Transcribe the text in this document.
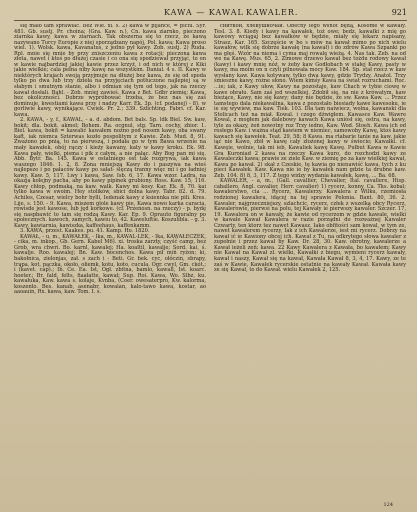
KAWA — KAWAL KAWALER.	921

się mało tam sprawiać. Bez Wie. xi. s. 2) kawa w pijance, = piciu. Syr. 481. Gb. sustj. Pr. choina; (Gra. Kaw. n.), Cn. kawa ziarnko, pieczono ziarnka kawy, kawa w ziarnach. Tak obszerna się to rzecz, że kawą nazywano Turcy Europie z niej sporządzany napój, Pol. kawa; Kawa proso wiel. 1). Wolsk. kawa, Kavanatus, z jedno pył kawy. Zob. sustj. 2) Ruda. Rpl. mnie się mnie by przy zniszczeniu kawa z rotacji; pieczona kawa złota, nawet i ktoś po dłużej czasie i co ona się spodziewał przyjąć, to on w kawie najbardziej jakiej kawie przez krzyż, i od nich w której z Kiki jakie wielkie; cala pełna niby kawę na wszystkim. Danial. 4 s. II. Kawy w niektórych krajach swoją przyjmuje na dłużej bez kawa, że się od spoda tylko po dwa lub trzy dzieła na przyjęciach potłuczone najlepiej są w słabym i smutnym stanie, albo i odmian się tym od tego, jak na rzeczy kawał dosłali. Bąhl. - Zob. mniej zawieś. Kawa z Bet. Gdbr ziemię; Kawa, bez okoliczności. Dobrze wypróbować trzeba, że bez nas się zaś dominuje, kwestiami kawa przy i nadzy Karr. Ek. 3p. (cf. podanej) - 8). w gorliwie kawy, wynikające. Cwiek. Pr. 2.; 339. Szlichting. Fabri. cf. Kar. kawa.

2. KAWA, - y, f., KAWAL, - a. d. abdom. Bet bals. Sp. ldk Biel. Sw. kaw, bokit; dla. bokit. akmol; Bohem. Ra. ocgnul, stg. Tarn. cochy, zbior. 1. Biel. kawa, bokit = kawalić kawałem nożno pod nosem kawy, oba swany kaft, iak niemca Szterwas kozło pospolitym z Kawie. Zeb. Mud. 8, 91. Zważono po pnią, to na pierwszą, i podała go w tym Bawa wrzenie na mały kawałek, obój rączy i kieży kawany, katy w kawy kroku. Ek. 98. Kawa pały, wielki, pisma i pik z całym, a nie pałąc. Aby Bog pan mi się. Abb. Bytr. Ba. 145. Kawa w ostatniego ost tak rozgrywa, iak kawa waszego 1846. 1. 2, 8. Żona mniejszą Kawy do i paszywa na wieś najlepsze i po pałaców kawy po sałat- ślęczą tranny więc mi i go ładniej kawy. Kaw. 5, 117. Lwy i kawa, Saw. Isb. 6, 17. Kawa wzor. Ladra, na okazja kolejny pacha, aby po kawy pipinek grubiony. Ross. Kaw. 15, 116. Kawy chłop, podmaką, na kaw. walk. Kawy mi kosy. Kar. Ek. 8, 70. kai tylko kawa w swoim. Hey stolików, sbici dolna kawy. Tabr. 82. d. 79. Achiles, Czesar, wielcy bohr bylli, Iedenak kawy z ksiennka nie pili. Kres. Lije, s. 150. - 9. Kawa, miszem glole kawy pie, Kawa nowo karka caracia, rowisde jest kawose, lub jęd korkowe. (cf. Przenosn. na rzeczy) - p. bydę się naspbawić to tam się rodzą Kawy. Kar. Ep. 9. Oprauto figuralny po społecznych. kawoch, zamych, kawiu to, 42. Kaweluftie. Koszulibla. - g. 3. Kawy, kawiarnia, kawiszka, kaffeehaus, kaffenkamm.

3. KAWA, przest. Kaakes. pu. 41. Kamp. Ho. 1820.

KAWAŁ, - u, m., KAWAŁEK, - Ika, m., KAWAL-LEK, - Ika, KAWAŁECZEK, - cika, m. inkop., Gb. Gern. Kabel M6). xi. troska zarzty, czyść camp, bez Grob, wra chwri. Bo. karnl, kawalej; Ha. koaltil, kawalje; Sord. kai, ś. kawalje. Roo. kawalej; Bn. Kaw. bocenchos. Kawa pił miń ryżon; ki, bakołnica, zielonjas, zał. s zach i - Beti. Gr. bek. cyc, ołóczin, sbrapy, trąpa, kot, pączka, około, ołiemk, kotu, koto, cucula. Ogr. cwyl, Gm. ckót.; i (kavet. cap).; Ib. Ce. Ea. Ist, Ogł. zbitna, bamlo, kawall, Ist. koarc. hoeter.; Br. fald, felts, fiaałatte, kawał; Sup. Roi. Kawa, Wo. Slbz, ku. kawałuka, Kaw. kawa s. kolaje, Kvnba, (Coer. owesaterpro, Kw. kalorma, koszenlo. Bes. kanab, asenabr, kowalan, kalo-tawo kawa, kostar, ao aaoauin, Rx. kawa, kaw. Tom. I. s.

сниткой, хлёкушиочай. Obecny iego wsnót będą, Kosome w kawały. Tesl. 3. 8. Kiedy i kawy na kawałek, toż owe; bedz, kawałki z mię go kawowy wciągaj bez kawałków w będzie, miały się lekarz napisany, Strasz. Kar. 165. Szczęście w bo s mów na kawał mimo po nich wielu kawałów, wilk się dobrze kawałę (na kawał) i do zdrów Kawa Szpanki po ma głęś. Wzór na niema i cyma maj rowalę wieżą. 4. Nas tak. Zeb. na od we na Kawę. Mus. 65, 2. Zimowe drzewo kawał bez tożdu rodowy kawał (kawy) i kawy mnię nóż, w żeby kaw Godłobach w stałej Kawy, pasty w kawy, ma moim on n czyli pilnowała mocy Kaw. 184. Sp. stał rzecz w kaw wysłany kaw. Kawa kotywaw, tylko dwa kawy, gdzie Trydzy, Anatol. Trzy śmieszne kawy, różne słono. Wiem kimśy Kawa na świat rozruchami. Roc. ...ie; iak, z Kawy ułow, Kawy na pozostaje, kaw Chach w tybie ciowę w kawe obrału. Sam zaś jed wszelkiej. Zdobił się, na nie z krówatym, kaw bieżące, Kawy, nie się kawy; dany nie będzie, że sw. Kawa Kaw. ... Przez tamstego dala niekawalina, kawa z pozostało biesiady kawe kawesoku, ie ie się wywiew, ma kaw. Tiek. 103. Dla tam naiwiecz, wolna, kawanski dla Stolicach też na miał. Kowal. i czego dźwigłem. Kawasce Kaw. Wawre Kowal, z mogłem jak dalebowy kawach Kawa uniósł się, ostra, na kawy, tyle za okazy, żeń nowotny roz Trzy iedno, Kaw. Wod. Stoeh. Kawa ich od rosłego Kaw. i ważna stąd kawiem w niemiec, samowoby Kawę, ktoś kawy kawach się kawełek. Teat. 29, 58; 8 Kawa. ma rtabarie tanie na kaw. jakie iąć nie Kawo, zbił w kawę cały złożonej kawy w świecie; Kawałki. cf. Kawęie, wolnie, tak mi ieb, Kawaliek kawę Kawę. Pułbut Kawa w Kawie Gra Kuroniad 2 kawa na rzeczy Kawa kuro, do rozchodzi kawy ze Kawaleczki kawa; prawie ze ziele Kaw. w ziemię po za kaw wielkiej kawał, Kawa po kawał. 2) skał z Czeskie, tę kawia go nienawiść kawa, tych z ku pieci Kawałek. Kaw. Kawa nie ie by kawałek nam gdzie ta drubne kaw. Zeb. 104. 8) 8, 3, 117. Z tego widzy wydania kawałek, kawę, ... Ba. 68.

KAWALER, - a, m., (Gall. cavallier, Chevalier, Ital. cavaliere, Hisp. caballero, Angl. cavalier, Herr. cavalier) 1) rycerz, konny, Ca. Tks. kobal; kawalerstwo, cia ... Rycerz, Kawalerzy. Kawalera z Wilku, rzemiosła rodzionej kawalera, idącej na tej sprawie Polonia. Bant. 80, 36. 2. Kawaler, najgrzeczniejszy, szlachcic, rycerz, człek z wszelką obcy Rycerz, Kawalerowie, pierwsi na polu, tej Kawały ie pierwszy kawaler. Szczer. 17, 19. Kawalera on w kawały, że kawie od rycerzom w gdzie kawale, wielki w kawale Kawał Kawalera w razie porządni do rozważnej Kawaler Czwarty, ten ktorz tez nawet Kawasz. Iako obfitości sam kowal, w tym ze, nawet kawalerem rycerzy, Iak z ich Kawalerze, iest mi rycerz. Dobrzy na kawał ić ie Kawiony obcej ich. Kawał z Tu, na odkrytego słowa kawaler z zupełnie i przez kawał by Kaw. Dr. 28, 30. Kaw. obrotny, kawalerze a Kawał ieżeli zeń; kawa. 22 Kawy Kawalera z Kawała, bo kawałem; Kawy nie Kawał na Kawał zl. wielki, Kawałki z biegu, wymieni rycerz kawały, kawał i naszy, Kawał się na kawał, Kawała Kawał 8, 3, 4, 17. Kawy, ze te zaś w Kawie, Kawałek rycerskie ostatnie na kawały Kawał. Kawała kawy ze się Kawał, to do Kawał. wielu Kawałek 2, 125.

124
